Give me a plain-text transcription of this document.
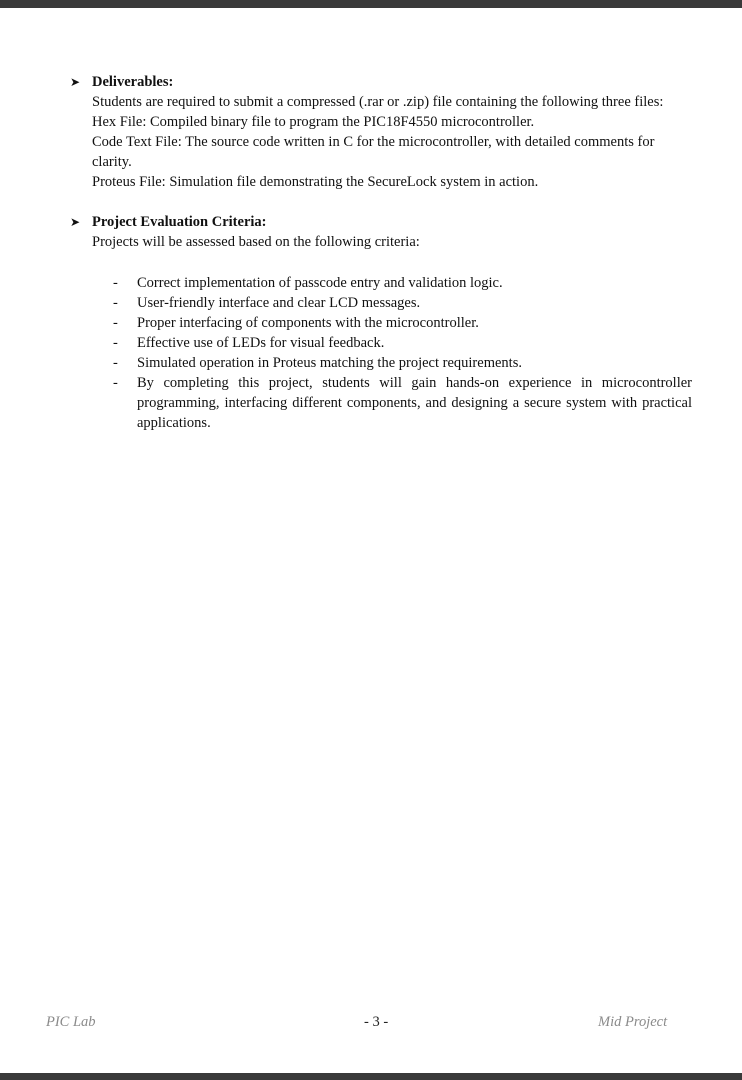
➤ Deliverables:
Students are required to submit a compressed (.rar or .zip) file containing the following three files:
Hex File: Compiled binary file to program the PIC18F4550 microcontroller.
Code Text File: The source code written in C for the microcontroller, with detailed comments for clarity.
Proteus File: Simulation file demonstrating the SecureLock system in action.
➤ Project Evaluation Criteria:
Projects will be assessed based on the following criteria:
- Correct implementation of passcode entry and validation logic.
- User-friendly interface and clear LCD messages.
- Proper interfacing of components with the microcontroller.
- Effective use of LEDs for visual feedback.
- Simulated operation in Proteus matching the project requirements.
- By completing this project, students will gain hands-on experience in microcontroller programming, interfacing different components, and designing a secure system with practical applications.
PIC Lab	- 3 -	Mid Project
